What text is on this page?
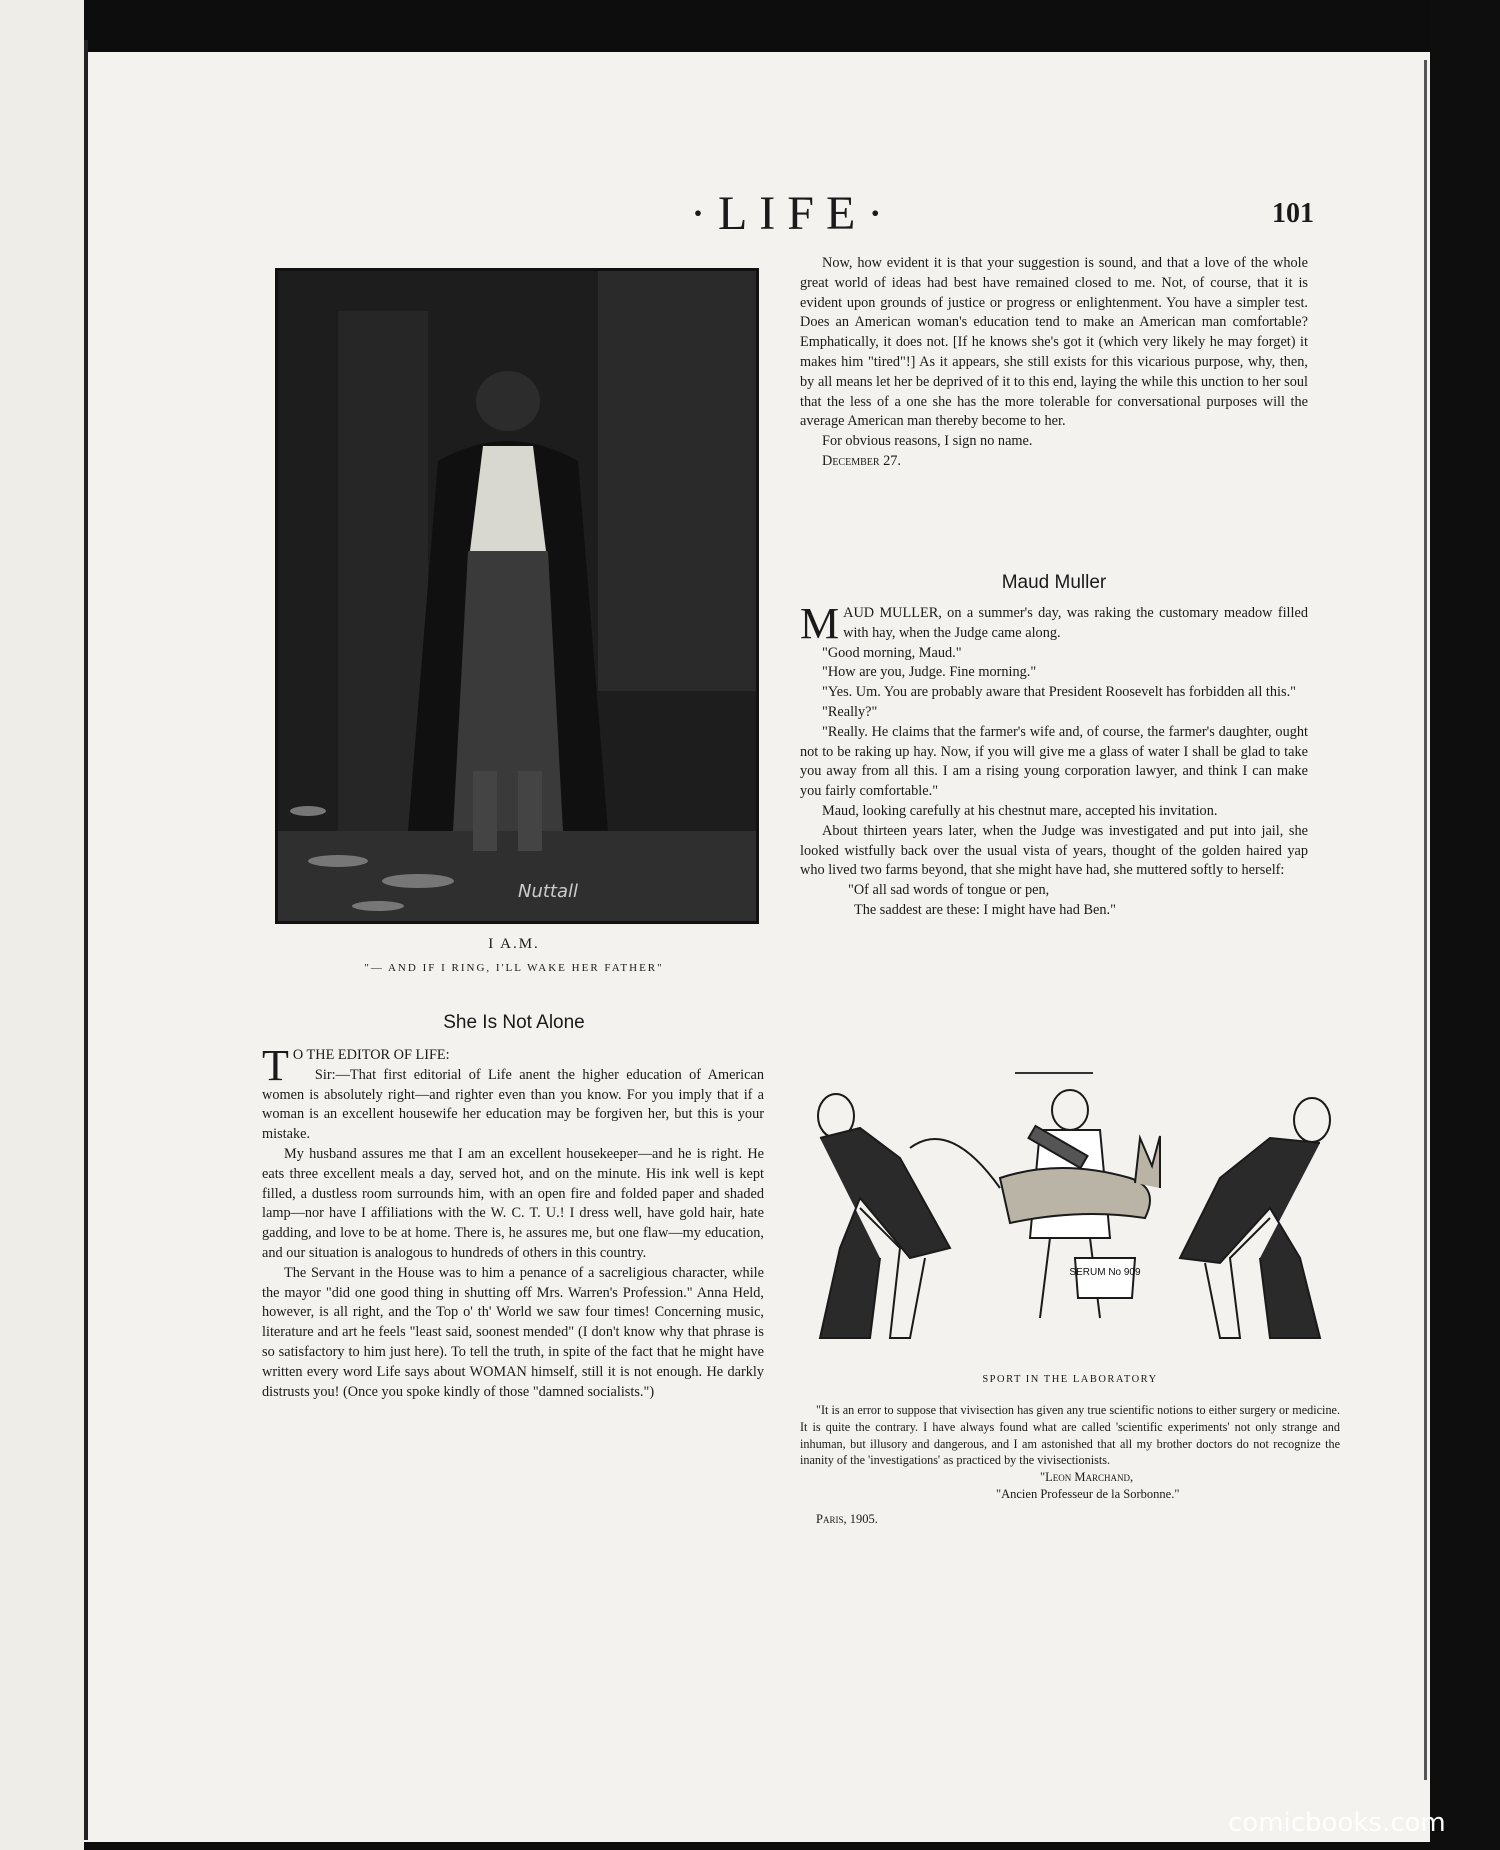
·LIFE·	101
Nuttall
I A.M.
"— AND IF I RING, I'LL WAKE HER FATHER"
She Is Not Alone

T O THE EDITOR OF LIFE:

Sir:—That first editorial of Life anent the higher education of American women is absolutely right—and righter even than you know. For you imply that if a woman is an excellent housewife her education may be forgiven her, but this is your mistake.

My husband assures me that I am an excellent housekeeper—and he is right. He eats three excellent meals a day, served hot, and on the minute. His ink well is kept filled, a dustless room surrounds him, with an open fire and folded paper and shaded lamp—nor have I affiliations with the W. C. T. U.! I dress well, have gold hair, hate gadding, and love to be at home. There is, he assures me, but one flaw—my education, and our situation is analogous to hundreds of others in this country.

The Servant in the House was to him a penance of a sacreligious character, while the mayor "did one good thing in shutting off Mrs. Warren's Profession." Anna Held, however, is all right, and the Top o' th' World we saw four times! Concerning music, literature and art he feels "least said, soonest mended" (I don't know why that phrase is so satisfactory to him just here). To tell the truth, in spite of the fact that he might have written every word Life says about WOMAN himself, still it is not enough. He darkly distrusts you! (Once you spoke kindly of those "damned socialists.")

Now, how evident it is that your suggestion is sound, and that a love of the whole great world of ideas had best have remained closed to me. Not, of course, that it is evident upon grounds of justice or progress or enlightenment. You have a simpler test. Does an American woman's education tend to make an American man comfortable? Emphatically, it does not. [If he knows she's got it (which very likely he may forget) it makes him "tired"!] As it appears, she still exists for this vicarious purpose, why, then, by all means let her be deprived of it to this end, laying the while this unction to her soul that the less of a one she has the more tolerable for conversational purposes will the average American man thereby become to her.

For obvious reasons, I sign no name.

December 27.

Maud Muller

MAUD MULLER, on a summer's day, was raking the customary meadow filled with hay, when the Judge came along.

"Good morning, Maud."

"How are you, Judge. Fine morning."

"Yes. Um. You are probably aware that President Roosevelt has forbidden all this."

"Really?"

"Really. He claims that the farmer's wife and, of course, the farmer's daughter, ought not to be raking up hay. Now, if you will give me a glass of water I shall be glad to take you away from all this. I am a rising young corporation lawyer, and think I can make you fairly comfortable."

Maud, looking carefully at his chestnut mare, accepted his invitation.

About thirteen years later, when the Judge was investigated and put into jail, she looked wistfully back over the usual vista of years, thought of the golden haired yap who lived two farms beyond, that she might have had, she muttered softly to herself:

"Of all sad words of tongue or pen,

The saddest are these: I might have had Ben."

SERUM No 909
SPORT IN THE LABORATORY

"It is an error to suppose that vivisection has given any true scientific notions to either surgery or medicine. It is quite the contrary. I have always found what are called 'scientific experiments' not only strange and inhuman, but illusory and dangerous, and I am astonished that all my brother doctors do not recognize the inanity of the 'investigations' as practiced by the vivisectionists.

"Leon Marchand,

"Ancien Professeur de la Sorbonne."

Paris, 1905.

comicbooks.com
